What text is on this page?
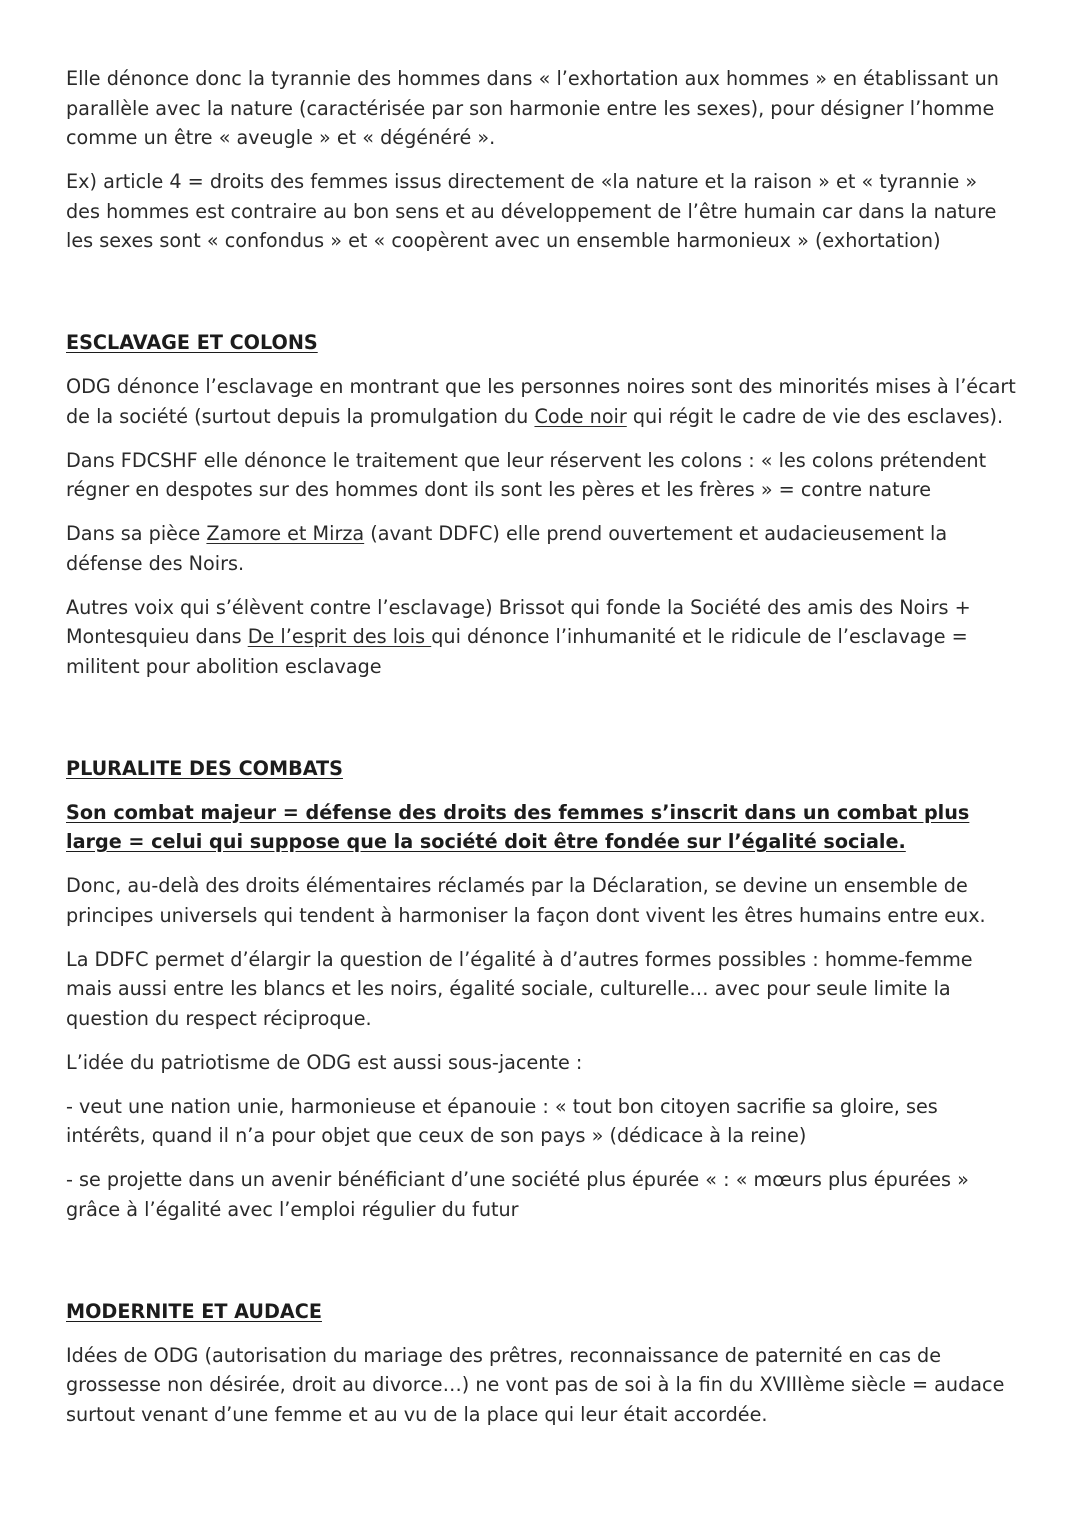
Elle dénonce donc la tyrannie des hommes dans « l’exhortation aux hommes » en établissant un parallèle avec la nature (caractérisée par son harmonie entre les sexes), pour désigner l’homme comme un être « aveugle » et « dégénéré ».

Ex) article 4 = droits des femmes issus directement de «la nature et la raison » et « tyrannie » des hommes est contraire au bon sens et au développement de l’être humain car dans la nature les sexes sont « confondus » et « coopèrent avec un ensemble harmonieux » (exhortation)

ESCLAVAGE ET COLONS

ODG dénonce l’esclavage en montrant que les personnes noires sont des minorités mises à l’écart de la société (surtout depuis la promulgation du Code noir qui régit le cadre de vie des esclaves).

Dans FDCSHF elle dénonce le traitement que leur réservent les colons : « les colons prétendent régner en despotes sur des hommes dont ils sont les pères et les frères » = contre nature

Dans sa pièce Zamore et Mirza (avant DDFC) elle prend ouvertement et audacieusement la défense des Noirs.

Autres voix qui s’élèvent contre l’esclavage) Brissot qui fonde la Société des amis des Noirs + Montesquieu dans De l’esprit des lois qui dénonce l’inhumanité et le ridicule de l’esclavage = militent pour abolition esclavage

PLURALITE DES COMBATS

Son combat majeur = défense des droits des femmes s’inscrit dans un combat plus large = celui qui suppose que la société doit être fondée sur l’égalité sociale.

Donc, au-delà des droits élémentaires réclamés par la Déclaration, se devine un ensemble de principes universels qui tendent à harmoniser la façon dont vivent les êtres humains entre eux.

La DDFC permet d’élargir la question de l’égalité à d’autres formes possibles : homme-femme mais aussi entre les blancs et les noirs, égalité sociale, culturelle… avec pour seule limite la question du respect réciproque.

L’idée du patriotisme de ODG est aussi sous-jacente :

- veut une nation unie, harmonieuse et épanouie : « tout bon citoyen sacrifie sa gloire, ses intérêts, quand il n’a pour objet que ceux de son pays » (dédicace à la reine)

- se projette dans un avenir bénéficiant d’une société plus épurée « : « mœurs plus épurées » grâce à l’égalité avec l’emploi régulier du futur

MODERNITE ET AUDACE

Idées de ODG (autorisation du mariage des prêtres, reconnaissance de paternité en cas de grossesse non désirée, droit au divorce…) ne vont pas de soi à la fin du XVIIIème siècle = audace surtout venant d’une femme et au vu de la place qui leur était accordée.
